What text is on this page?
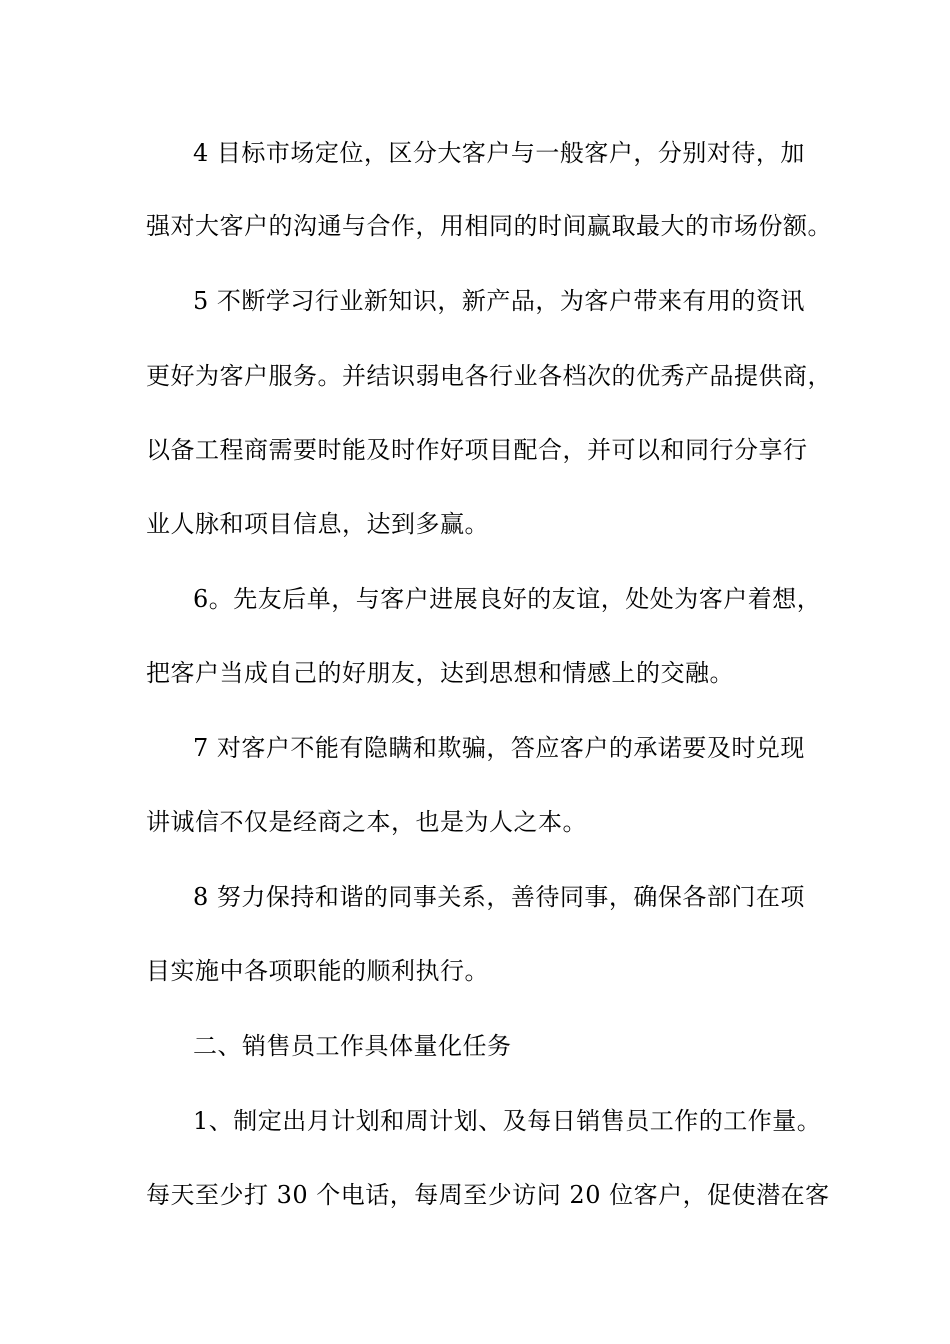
4 目标市场定位，区分大客户与一般客户，分别对待，加
强对大客户的沟通与合作，用相同的时间赢取最大的市场份额。
5 不断学习行业新知识，新产品，为客户带来有用的资讯
更好为客户服务。并结识弱电各行业各档次的优秀产品提供商，
以备工程商需要时能及时作好项目配合，并可以和同行分享行
业人脉和项目信息，达到多赢。
6。先友后单，与客户进展良好的友谊，处处为客户着想，
把客户当成自己的好朋友，达到思想和情感上的交融。
7 对客户不能有隐瞒和欺骗，答应客户的承诺要及时兑现
讲诚信不仅是经商之本，也是为人之本。
8 努力保持和谐的同事关系，善待同事，确保各部门在项
目实施中各项职能的顺利执行。
二、销售员工作具体量化任务
1、制定出月计划和周计划、及每日销售员工作的工作量。
每天至少打 30 个电话，每周至少访问 20 位客户，促使潜在客
